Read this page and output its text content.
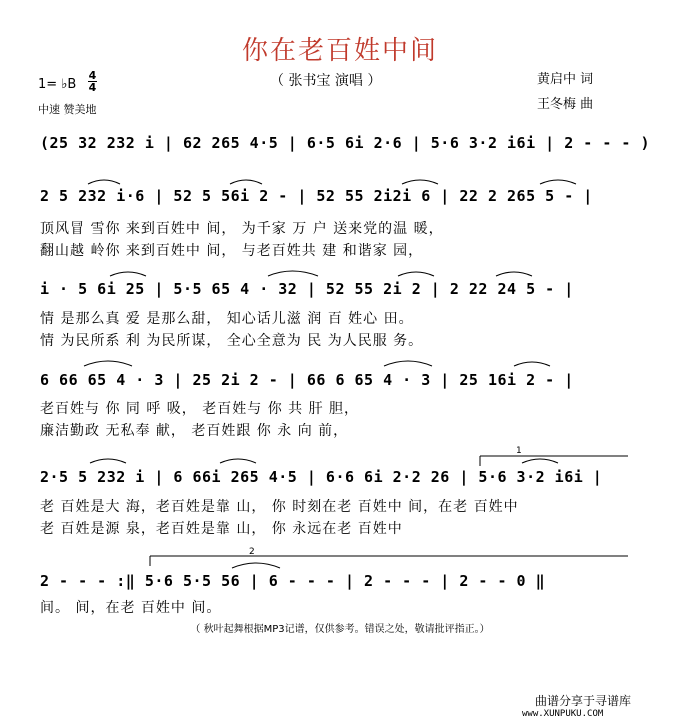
你在老百姓中间
（ 张书宝 演唱 ）	黄启中 词
王冬梅 曲
1= ♭B
4
4
中速 赞美地
(25 32 232 i | 62 265 4·5 | 6·5 6i 2·6 | 5·6 3·2 i6i | 2 - - - )
2 5 232 i·6 | 52 5 56i 2 - | 52 55 2i2i 6 | 22 2 265 5 - |
顶风冒 雪你 来到百姓中 间， 为千家 万 户 送来党的温 暖，
翻山越 岭你 来到百姓中 间， 与老百姓共 建 和谐家 园，
i · 5 6i 25 | 5·5 65 4 · 32 | 52 55 2i 2 | 2 22 24 5 - |
情 是那么真 爱 是那么甜， 知心话儿滋 润 百 姓心 田。
情 为民所系 利 为民所谋， 全心全意为 民 为人民服 务。
6 66 65 4 · 3 | 25 2i 2 - | 66 6 65 4 · 3 | 25 16i 2 - |
老百姓与 你 同 呼 吸， 老百姓与 你 共 肝 胆，
廉洁勤政 无私奉 献， 老百姓跟 你 永 向 前，
2·5 5 232 i | 6 66i 265 4·5 | 6·6 6i 2·2 26 | 5·6 3·2 i6i |
老 百姓是大 海，老百姓是靠 山， 你 时刻在老 百姓中 间，在老 百姓中
老 百姓是源 泉，老百姓是靠 山， 你 永远在老 百姓中
2 - - - :‖ 5·6 5·5 56 | 6 - - - | 2 - - - | 2 - - 0 ‖
间。 间，在老 百姓中 间。
1
2
（ 秋叶起舞根据MP3记谱，仅供参考。错误之处，敬请批评指正。）
曲谱分享于寻谱库
www.XUNPUKU.COM
